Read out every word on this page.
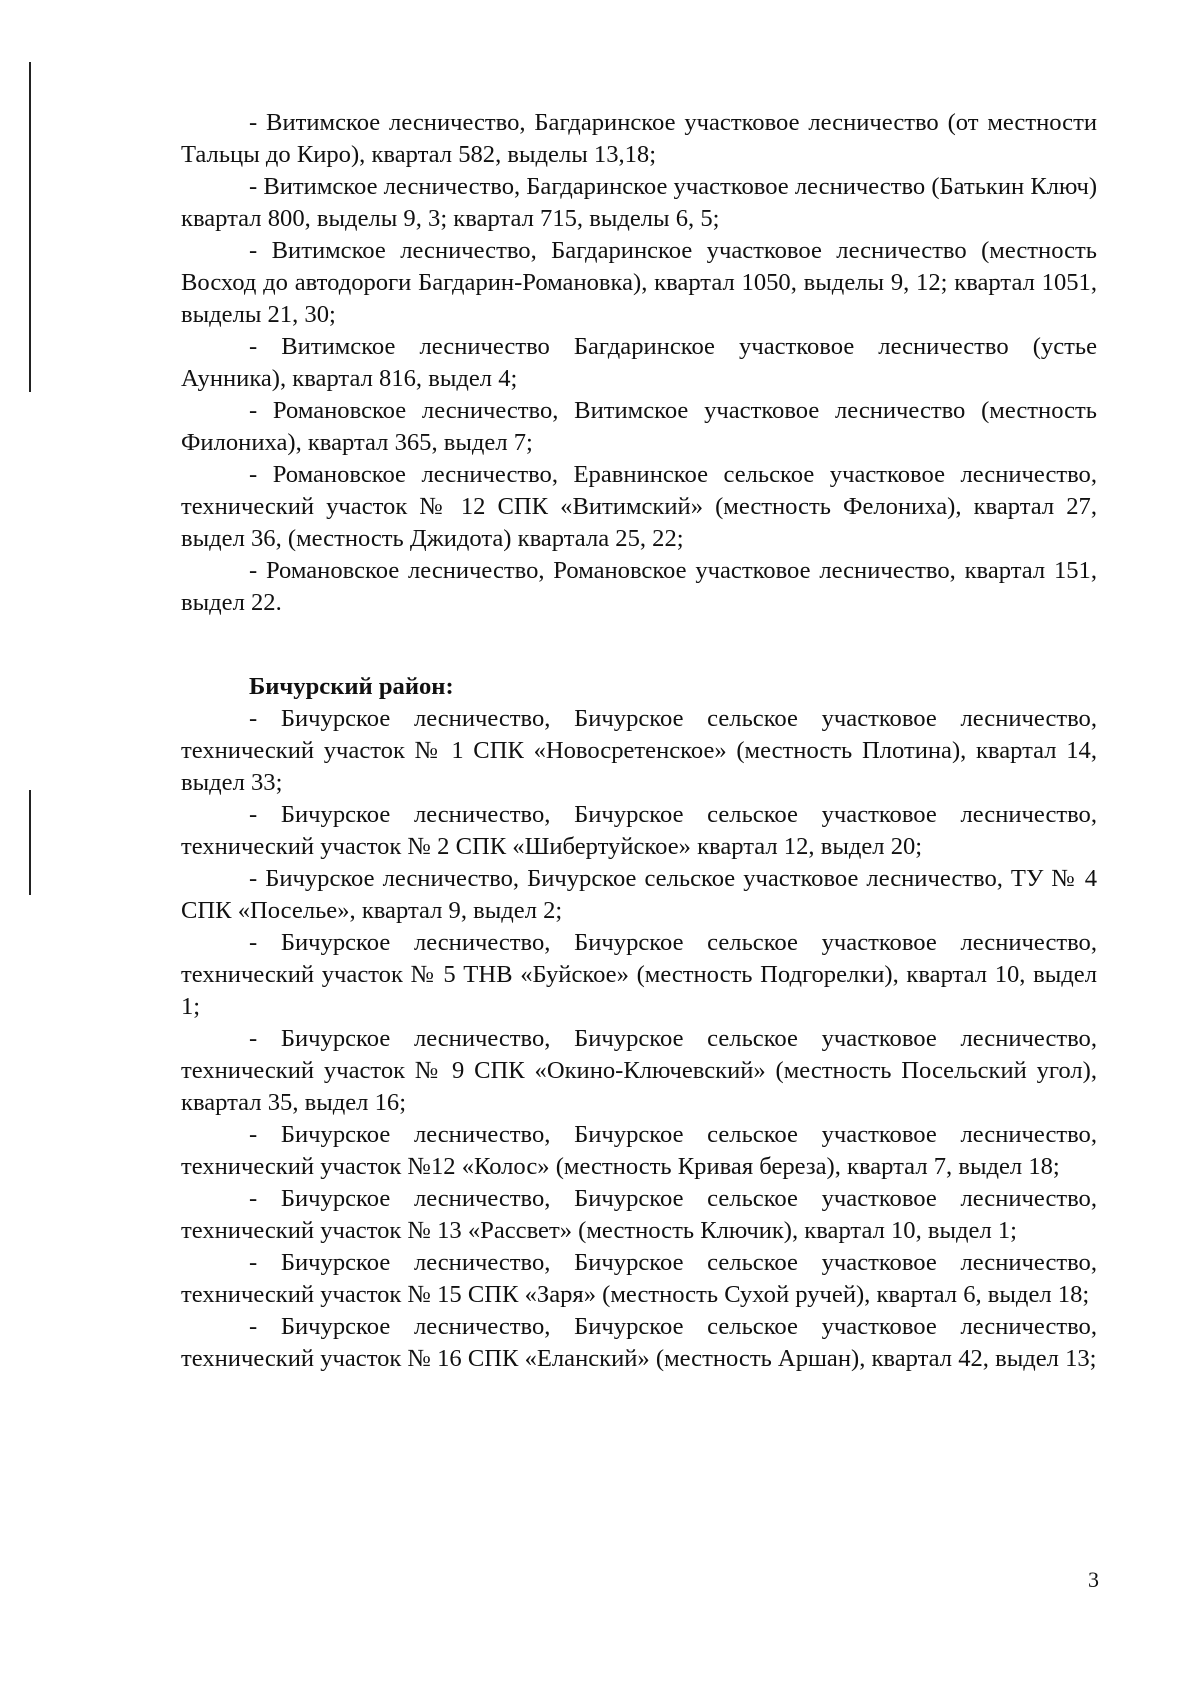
- Витимское лесничество, Багдаринское участковое лесничество (от местности Тальцы до Киро), квартал 582, выделы 13,18;

- Витимское лесничество, Багдаринское участковое лесничество (Батькин Ключ) квартал 800, выделы 9, 3; квартал 715, выделы 6, 5;

- Витимское лесничество, Багдаринское участковое лесничество (местность Восход до автодороги Багдарин-Романовка), квартал 1050, выделы 9, 12; квартал 1051, выделы 21, 30;

- Витимское лесничество Багдаринское участковое лесничество (устье Аунника), квартал 816, выдел 4;

- Романовское лесничество, Витимское участковое лесничество (местность Филониха), квартал 365, выдел 7;

- Романовское лесничество, Еравнинское сельское участковое лесничество, технический участок № 12 СПК «Витимский» (местность Фелониха), квартал 27, выдел 36, (местность Джидота) квартала 25, 22;

- Романовское лесничество, Романовское участковое лесничество, квартал 151, выдел 22.

Бичурский район:

- Бичурское лесничество, Бичурское сельское участковое лесничество, технический участок № 1 СПК «Новосретенское» (местность Плотина), квартал 14, выдел 33;

- Бичурское лесничество, Бичурское сельское участковое лесничество, технический участок № 2 СПК «Шибертуйское» квартал 12, выдел 20;

- Бичурское лесничество, Бичурское сельское участковое лесничество, ТУ № 4 СПК «Поселье», квартал 9, выдел 2;

- Бичурское лесничество, Бичурское сельское участковое лесничество, технический участок № 5 ТНВ «Буйское» (местность Подгорелки), квартал 10, выдел 1;

- Бичурское лесничество, Бичурское сельское участковое лесничество, технический участок № 9 СПК «Окино-Ключевский» (местность Посельский угол), квартал 35, выдел 16;

- Бичурское лесничество, Бичурское сельское участковое лесничество, технический участок №12 «Колос» (местность Кривая береза), квартал 7, выдел 18;

- Бичурское лесничество, Бичурское сельское участковое лесничество, технический участок № 13 «Рассвет» (местность Ключик), квартал 10, выдел 1;

- Бичурское лесничество, Бичурское сельское участковое лесничество, технический участок № 15 СПК «Заря» (местность Сухой ручей), квартал 6, выдел 18;

- Бичурское лесничество, Бичурское сельское участковое лесничество, технический участок № 16 СПК «Еланский» (местность Аршан), квартал 42, выдел 13;

3
